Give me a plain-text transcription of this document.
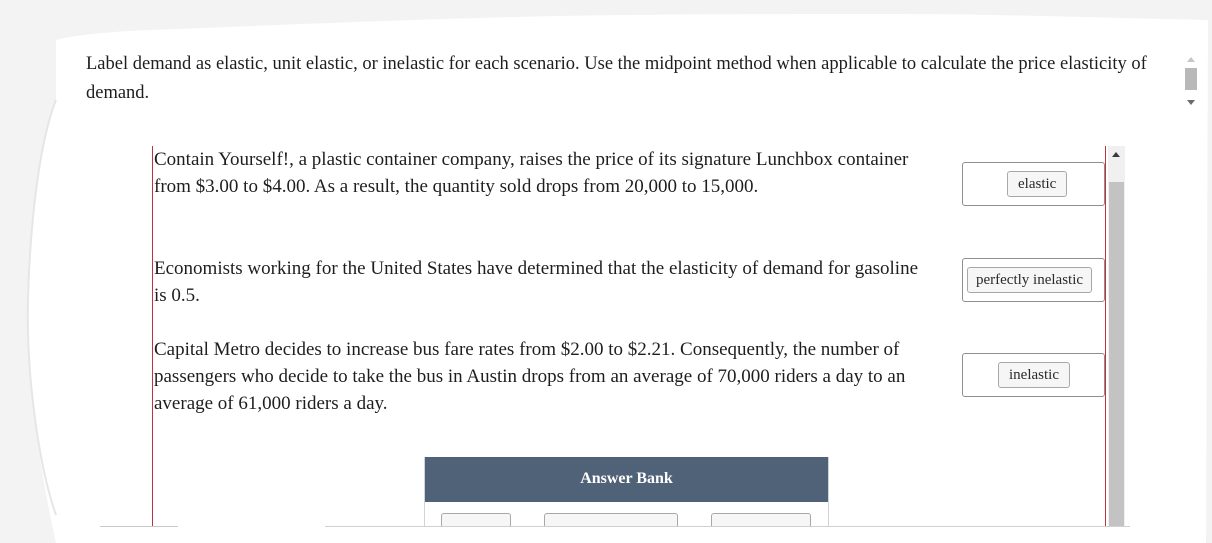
Label demand as elastic, unit elastic, or inelastic for each scenario. Use the midpoint method when applicable to calculate the price elasticity of demand.
Contain Yourself!, a plastic container company, raises the price of its signature Lunchbox container from $3.00 to $4.00. As a result, the quantity sold drops from 20,000 to 15,000.
Economists working for the United States have determined that the elasticity of demand for gasoline is 0.5.
Capital Metro decides to increase bus fare rates from $2.00 to $2.21. Consequently, the number of passengers who decide to take the bus in Austin drops from an average of 70,000 riders a day to an average of 61,000 riders a day.
elastic
perfectly inelastic
inelastic
Answer Bank
